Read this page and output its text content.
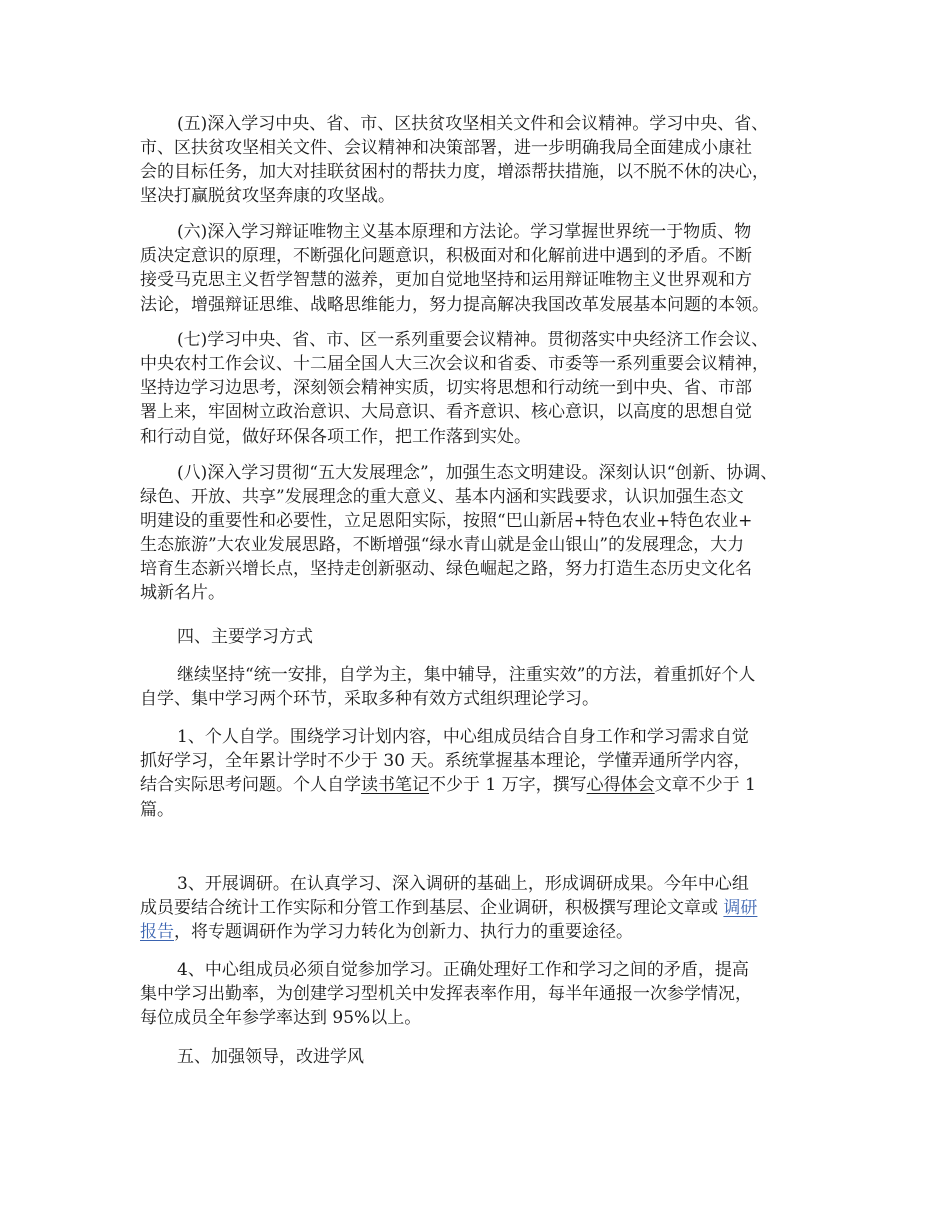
(五)深入学习中央、省、市、区扶贫攻坚相关文件和会议精神。学习中央、省、
市、区扶贫攻坚相关文件、会议精神和决策部署，进一步明确我局全面建成小康社
会的目标任务，加大对挂联贫困村的帮扶力度，增添帮扶措施，以不脱不休的决心，
坚决打赢脱贫攻坚奔康的攻坚战。
(六)深入学习辩证唯物主义基本原理和方法论。学习掌握世界统一于物质、物
质决定意识的原理，不断强化问题意识，积极面对和化解前进中遇到的矛盾。不断
接受马克思主义哲学智慧的滋养，更加自觉地坚持和运用辩证唯物主义世界观和方
法论，增强辩证思维、战略思维能力，努力提高解决我国改革发展基本问题的本领。
(七)学习中央、省、市、区一系列重要会议精神。贯彻落实中央经济工作会议、
中央农村工作会议、十二届全国人大三次会议和省委、市委等一系列重要会议精神，
坚持边学习边思考，深刻领会精神实质，切实将思想和行动统一到中央、省、市部
署上来，牢固树立政治意识、大局意识、看齐意识、核心意识，以高度的思想自觉
和行动自觉，做好环保各项工作，把工作落到实处。
(八)深入学习贯彻“五大发展理念”，加强生态文明建设。深刻认识“创新、协调、
绿色、开放、共享”发展理念的重大意义、基本内涵和实践要求，认识加强生态文
明建设的重要性和必要性，立足恩阳实际，按照“巴山新居+特色农业+特色农业+
生态旅游”大农业发展思路，不断增强“绿水青山就是金山银山”的发展理念，大力
培育生态新兴增长点，坚持走创新驱动、绿色崛起之路，努力打造生态历史文化名
城新名片。
四、主要学习方式
继续坚持“统一安排，自学为主，集中辅导，注重实效”的方法，着重抓好个人
自学、集中学习两个环节，采取多种有效方式组织理论学习。
1、个人自学。围绕学习计划内容，中心组成员结合自身工作和学习需求自觉
抓好学习，全年累计学时不少于 30 天。系统掌握基本理论，学懂弄通所学内容，
结合实际思考问题。个人自学读书笔记不少于 1 万字，撰写心得体会文章不少于 1
篇。
3、开展调研。在认真学习、深入调研的基础上，形成调研成果。今年中心组
成员要结合统计工作实际和分管工作到基层、企业调研，积极撰写理论文章或 调研
报告，将专题调研作为学习力转化为创新力、执行力的重要途径。
4、中心组成员必须自觉参加学习。正确处理好工作和学习之间的矛盾，提高
集中学习出勤率，为创建学习型机关中发挥表率作用，每半年通报一次参学情况，
每位成员全年参学率达到 95%以上。
五、加强领导，改进学风
